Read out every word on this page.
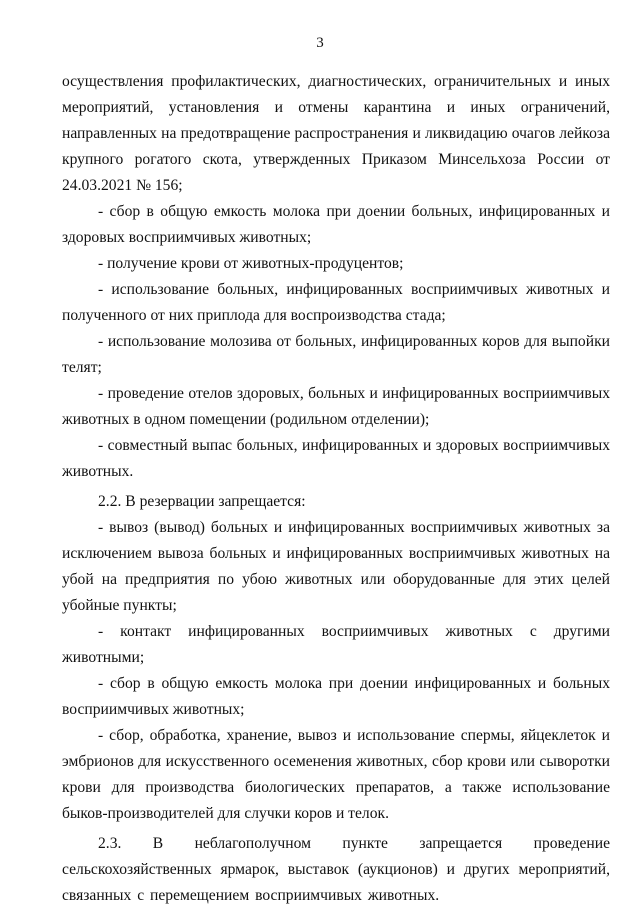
3

осуществления профилактических, диагностических, ограничительных и иных мероприятий, установления и отмены карантина и иных ограничений, направленных на предотвращение распространения и ликвидацию очагов лейкоза крупного рогатого скота, утвержденных Приказом Минсельхоза России от 24.03.2021 № 156;

- сбор в общую емкость молока при доении больных, инфицированных и здоровых восприимчивых животных;

- получение крови от животных-продуцентов;

- использование больных, инфицированных восприимчивых животных и полученного от них приплода для воспроизводства стада;

- использование молозива от больных, инфицированных коров для выпойки телят;

- проведение отелов здоровых, больных и инфицированных восприимчивых животных в одном помещении (родильном отделении);

- совместный выпас больных, инфицированных и здоровых восприимчивых животных.

2.2. В резервации запрещается:

- вывоз (вывод) больных и инфицированных восприимчивых животных за исключением вывоза больных и инфицированных восприимчивых животных на убой на предприятия по убою животных или оборудованные для этих целей убойные пункты;

- контакт инфицированных восприимчивых животных с другими животными;

- сбор в общую емкость молока при доении инфицированных и больных восприимчивых животных;

- сбор, обработка, хранение, вывоз и использование спермы, яйцеклеток и эмбрионов для искусственного осеменения животных, сбор крови или сыворотки крови для производства биологических препаратов, а также использование быков-производителей для случки коров и телок.

2.3. В неблагополучном пункте запрещается проведение сельскохозяйственных ярмарок, выставок (аукционов) и других мероприятий, связанных с перемещением восприимчивых животных.
